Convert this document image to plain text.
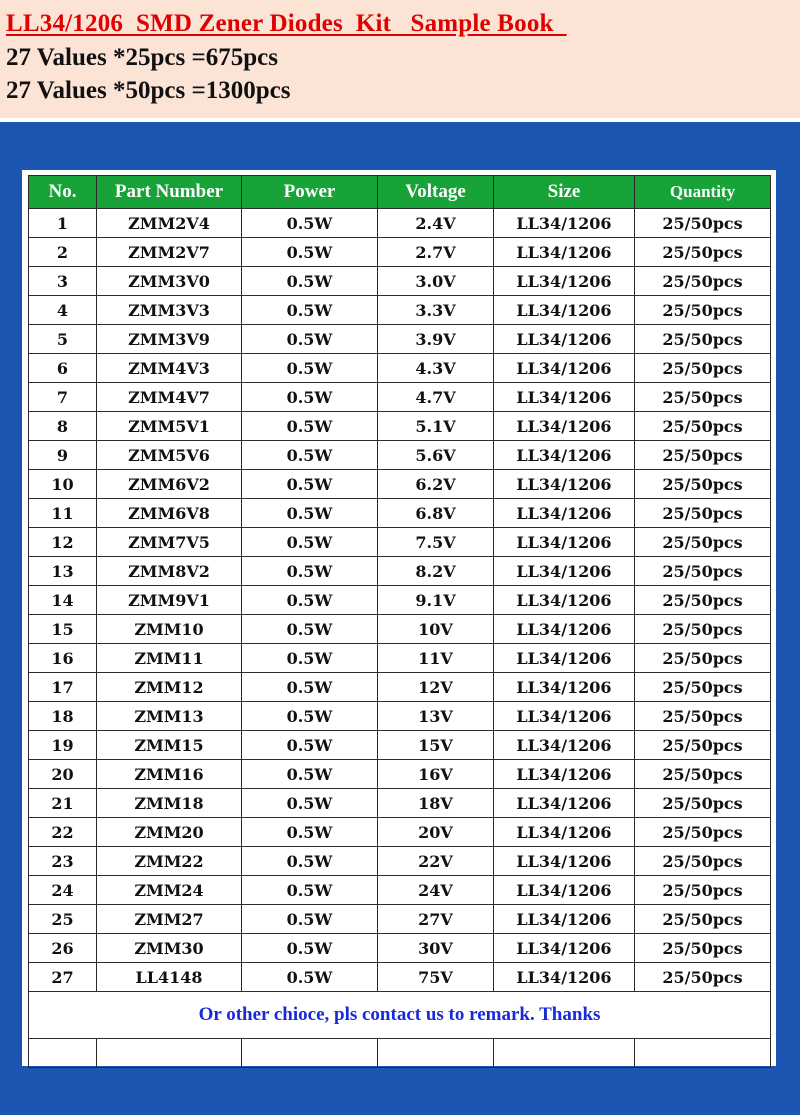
LL34/1206  SMD Zener Diodes  Kit   Sample Book
27 Values *25pcs =675pcs
27 Values *50pcs =1300pcs
No.	Part Number	Power	Voltage	Size	Quantity
1	ZMM2V4	0.5W	2.4V	LL34/1206	25/50pcs
2	ZMM2V7	0.5W	2.7V	LL34/1206	25/50pcs
3	ZMM3V0	0.5W	3.0V	LL34/1206	25/50pcs
4	ZMM3V3	0.5W	3.3V	LL34/1206	25/50pcs
5	ZMM3V9	0.5W	3.9V	LL34/1206	25/50pcs
6	ZMM4V3	0.5W	4.3V	LL34/1206	25/50pcs
7	ZMM4V7	0.5W	4.7V	LL34/1206	25/50pcs
8	ZMM5V1	0.5W	5.1V	LL34/1206	25/50pcs
9	ZMM5V6	0.5W	5.6V	LL34/1206	25/50pcs
10	ZMM6V2	0.5W	6.2V	LL34/1206	25/50pcs
11	ZMM6V8	0.5W	6.8V	LL34/1206	25/50pcs
12	ZMM7V5	0.5W	7.5V	LL34/1206	25/50pcs
13	ZMM8V2	0.5W	8.2V	LL34/1206	25/50pcs
14	ZMM9V1	0.5W	9.1V	LL34/1206	25/50pcs
15	ZMM10	0.5W	10V	LL34/1206	25/50pcs
16	ZMM11	0.5W	11V	LL34/1206	25/50pcs
17	ZMM12	0.5W	12V	LL34/1206	25/50pcs
18	ZMM13	0.5W	13V	LL34/1206	25/50pcs
19	ZMM15	0.5W	15V	LL34/1206	25/50pcs
20	ZMM16	0.5W	16V	LL34/1206	25/50pcs
21	ZMM18	0.5W	18V	LL34/1206	25/50pcs
22	ZMM20	0.5W	20V	LL34/1206	25/50pcs
23	ZMM22	0.5W	22V	LL34/1206	25/50pcs
24	ZMM24	0.5W	24V	LL34/1206	25/50pcs
25	ZMM27	0.5W	27V	LL34/1206	25/50pcs
26	ZMM30	0.5W	30V	LL34/1206	25/50pcs
27	LL4148	0.5W	75V	LL34/1206	25/50pcs
Or other chioce, pls contact us to remark. Thanks					
